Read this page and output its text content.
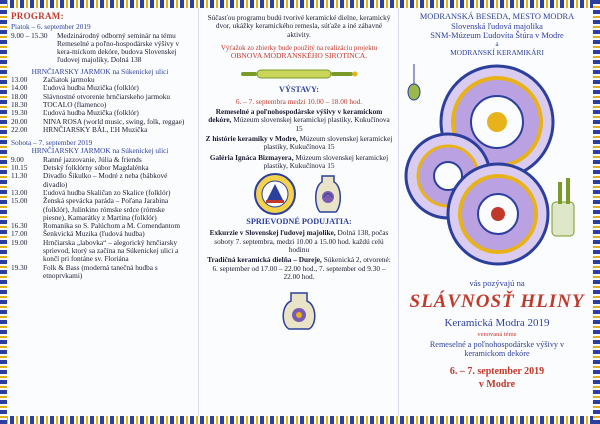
PROGRAM:
Piatok – 6. september 2019
9.00 – 15.30	Medzinárodný odborný seminár na tému Remeselné a poľno-hospodárske výšivy v kera-mickom dekóre, budova Slovenskej ľudovej majoliky, Dolná 138
HRNČIARSKY JARMOK na Súkenickej ulici
13.00	Začiatok jarmoku
14.00	Ľudová hudba Muzička (folklór)
18.00	Slávnostné otvorenie hrnčiarskeho jarmoku
18.30	TOCALO (flamenco)
19.30	Ľudová hudba Muzička (folklór)
20.00	NINA ROSA (world music, swing, folk, reggae)
22.00	HRNČIARSKY BÁL, ĽH Muzička
Sobota – 7. september 2019
HRNČIARSKY JARMOK na Súkenickej ulici
9.00	Ranné jazzovanie, Júlia & friends
10.15	Detský folklórny súbor Magdalénka
11.30	Divadlo Šikulko – Modré z neba (bábkové divadlo)
13.00	Ľudová hudba Skaličan zo Skalice (folklór)
15.00	Ženská spevácka paráda – Poľana Jarabina (folklór), Julinkino rómske srdce (rómske piesne), Kamarátky z Martina (folklór)
16.30	Romanika so S. Palúchom a M. Comendantom
17.00	Šenkvická Muzika (ľudová hudba)
19.00	Hrnčiarska „labovka“ – alegorický hrnčiarsky sprievod, ktorý sa začína na Súkenickej ulici a končí pri fontáne sv. Floriána
19.30	Folk & Bass (moderná tanečná hudba s etnoprvkami)
Súčasťou programu budú tvorivé keramické dielne, keramický dvor, ukážky keramického remesla, súťaže a iné zábavné aktivity.
Výťažok zo zbierky bude použitý na realizáciu projektu
OBNOVA MODRANSKÉHO SIROTINCA.
VÝSTAVY:
6. – 7. septembra medzi 10.00 – 18.00 hod.
Remeselné a poľnohospodárske výšivy v keramickom dekóre, Múzeum slovenskej keramickej plastiky, Kukučínova 15
Z histórie keramiky v Modre, Múzeum slovenskej keramickej plastiky, Kukučínova 15
Galéria Ignáca Bizmayera, Múzeum slovenskej keramickej plastiky, Kukučínova 15
SPRIEVODNÉ PODUJATIA:
Exkurzie v Slovenskej ľudovej majolike, Dolná 138, počas soboty 7. septembra, medzi 10.00 a 15.00 hod. každú celú hodinu
Tradičná keramická dielňa – Dureje, Súkenická 2, otvorené: 6. september od 17.00 – 22.00 hod., 7. september od 9.30 – 22.00 hod.
MODRANSKÁ BESEDA, MESTO MODRA
Slovenská ľudová majolika
SNM-Múzeum Ľudovíta Štúra v Modre
a
MODRANSKÍ KERAMIKÁRI
vás pozývajú na
SLÁVNOSŤ HLINY
Keramická Modra 2019
venovaná téme
Remeselné a poľnohospodárske výšivy v keramickom dekóre
6. – 7. september 2019
v Modre
